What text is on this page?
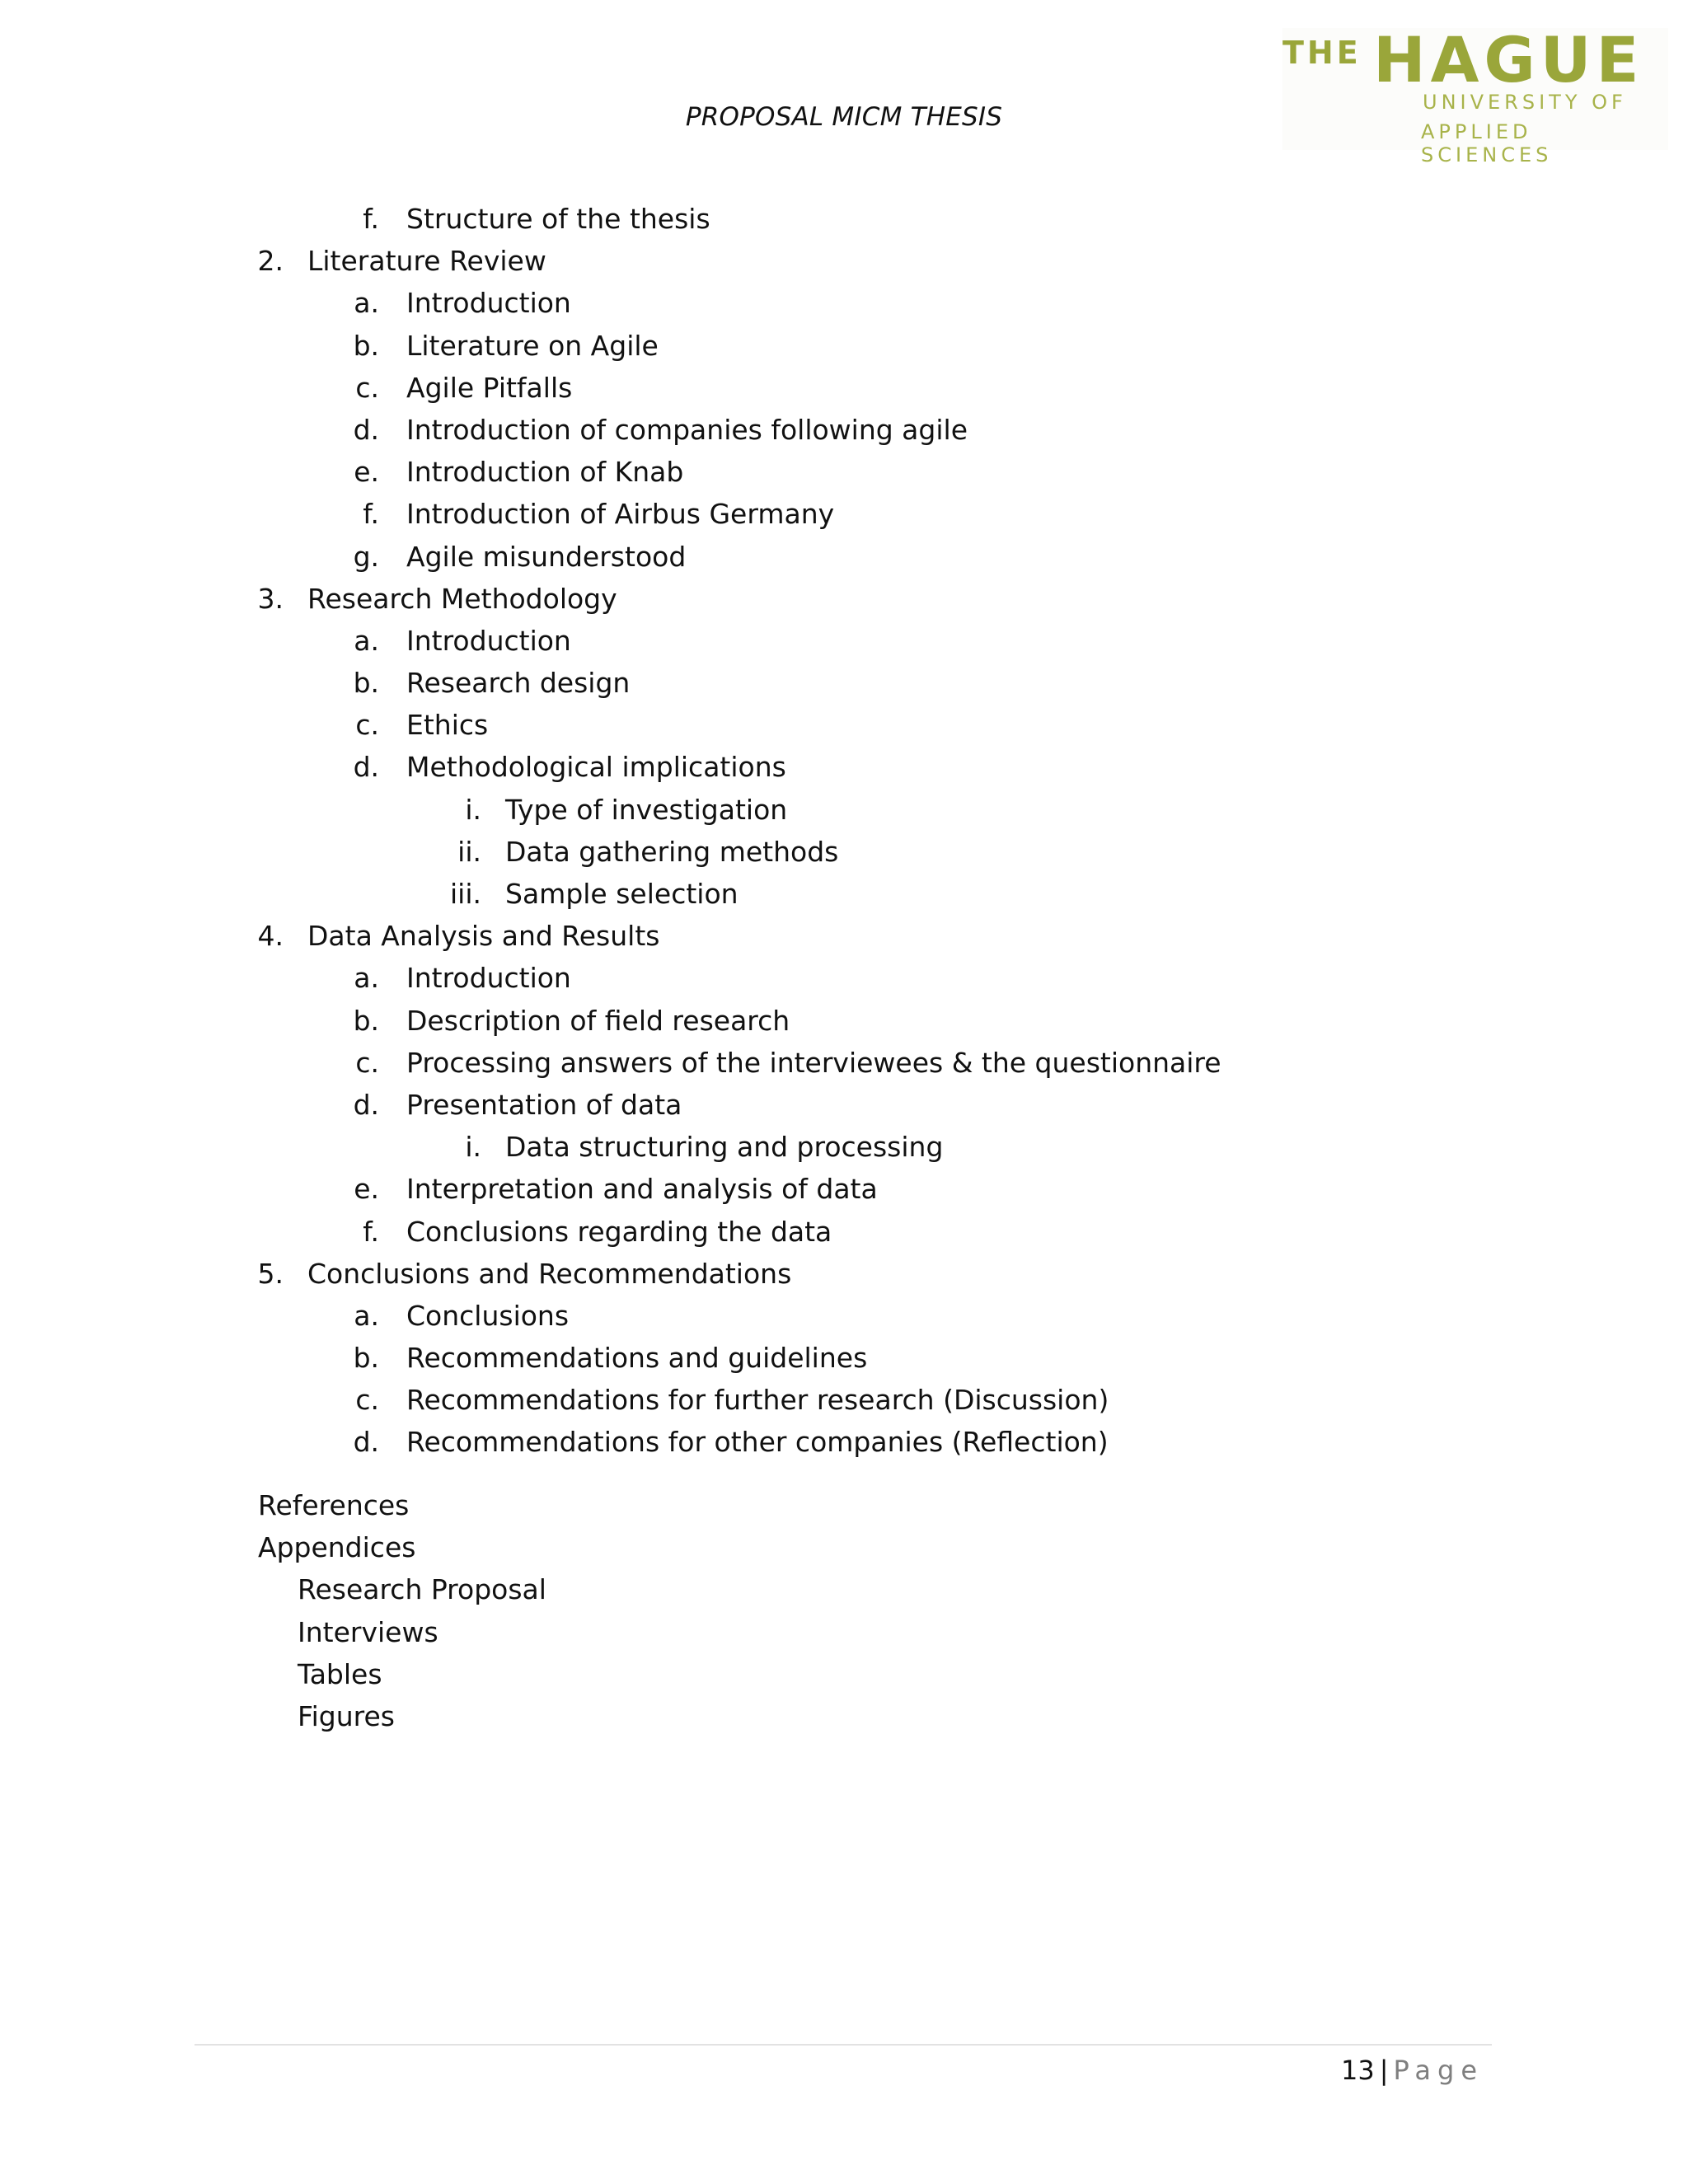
PROPOSAL MICM THESIS
THE HAGUE
UNIVERSITY OF
APPLIED SCIENCES
f. Structure of the thesis
2. Literature Review
a. Introduction
b. Literature on Agile
c. Agile Pitfalls
d. Introduction of companies following agile
e. Introduction of Knab
f. Introduction of Airbus Germany
g. Agile misunderstood
3. Research Methodology
a. Introduction
b. Research design
c. Ethics
d. Methodological implications
i. Type of investigation
ii. Data gathering methods
iii. Sample selection
4. Data Analysis and Results
a. Introduction
b. Description of field research
c. Processing answers of the interviewees & the questionnaire
d. Presentation of data
i. Data structuring and processing
e. Interpretation and analysis of data
f. Conclusions regarding the data
5. Conclusions and Recommendations
a. Conclusions
b. Recommendations and guidelines
c. Recommendations for further research (Discussion)
d. Recommendations for other companies (Reflection)
References
Appendices
Research Proposal
Interviews
Tables
Figures
13 | Page
